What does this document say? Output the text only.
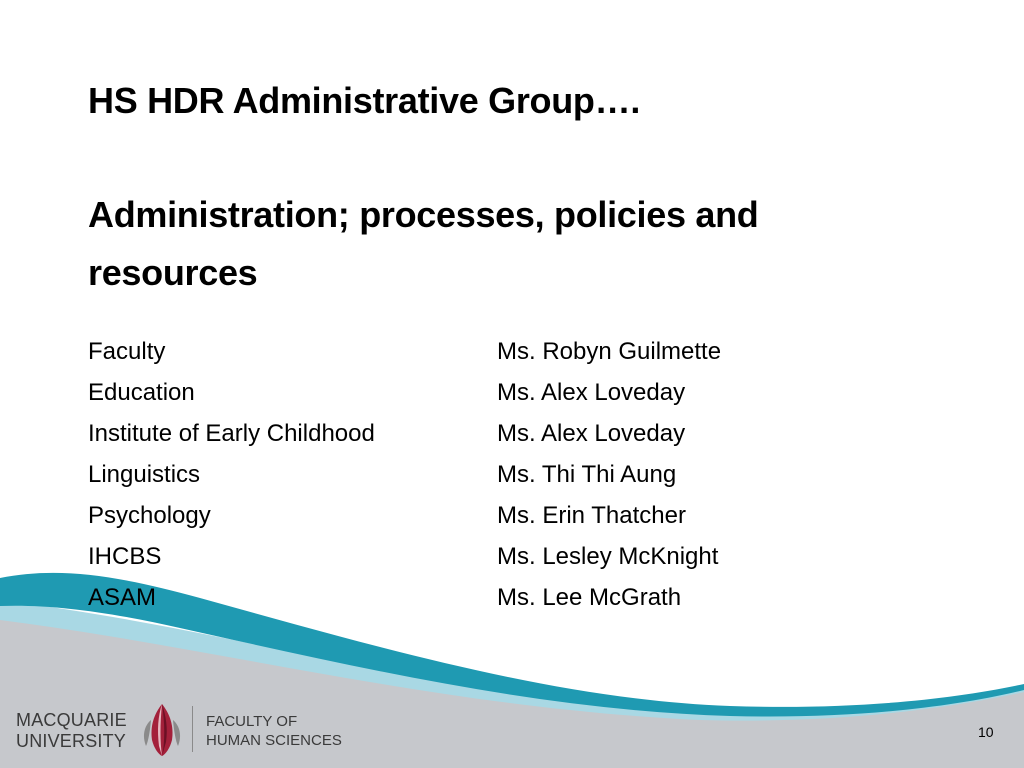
HS HDR Administrative Group….
Administration; processes, policies and
resources
Faculty	Ms. Robyn Guilmette
Education	Ms. Alex Loveday
Institute of Early Childhood	Ms. Alex Loveday
Linguistics	Ms. Thi Thi Aung
Psychology	Ms. Erin Thatcher
IHCBS	Ms. Lesley McKnight
ASAM	Ms. Lee McGrath
MACQUARIE
UNIVERSITY
FACULTY OF
HUMAN SCIENCES	10
